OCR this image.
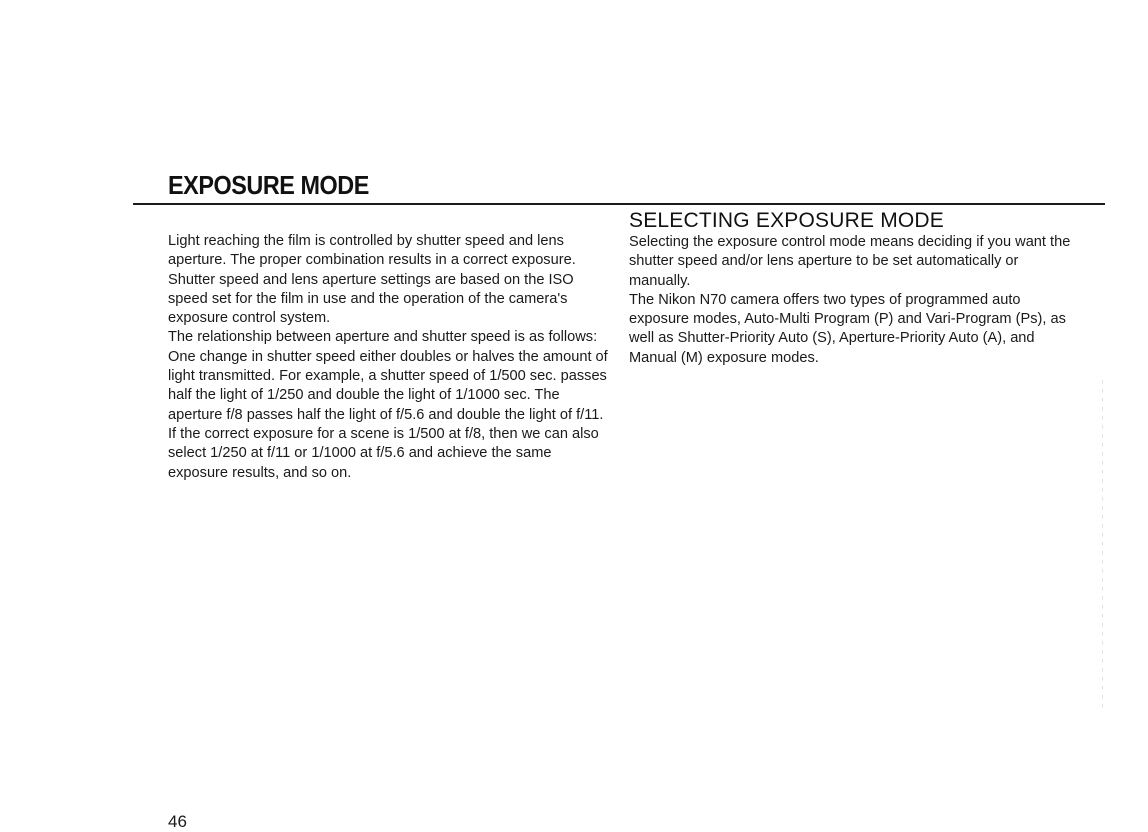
EXPOSURE MODE

Light reaching the film is controlled by shutter speed and lens aperture. The proper combination results in a correct exposure. Shutter speed and lens aperture settings are based on the ISO speed set for the film in use and the operation of the camera's exposure control system.

The relationship between aperture and shutter speed is as follows: One change in shutter speed either doubles or halves the amount of light transmitted. For example, a shutter speed of 1/500 sec. passes half the light of 1/250 and double the light of 1/1000 sec. The aperture f/8 passes half the light of f/5.6 and double the light of f/11. If the correct exposure for a scene is 1/500 at f/8, then we can also select 1/250 at f/11 or 1/1000 at f/5.6 and achieve the same exposure results, and so on.

SELECTING EXPOSURE MODE

Selecting the exposure control mode means deciding if you want the shutter speed and/or lens aperture to be set automatically or manually.

The Nikon N70 camera offers two types of programmed auto exposure modes, Auto-Multi Program (P) and Vari-Program (Ps), as well as Shutter-Priority Auto (S), Aperture-Priority Auto (A), and Manual (M) exposure modes.

46
